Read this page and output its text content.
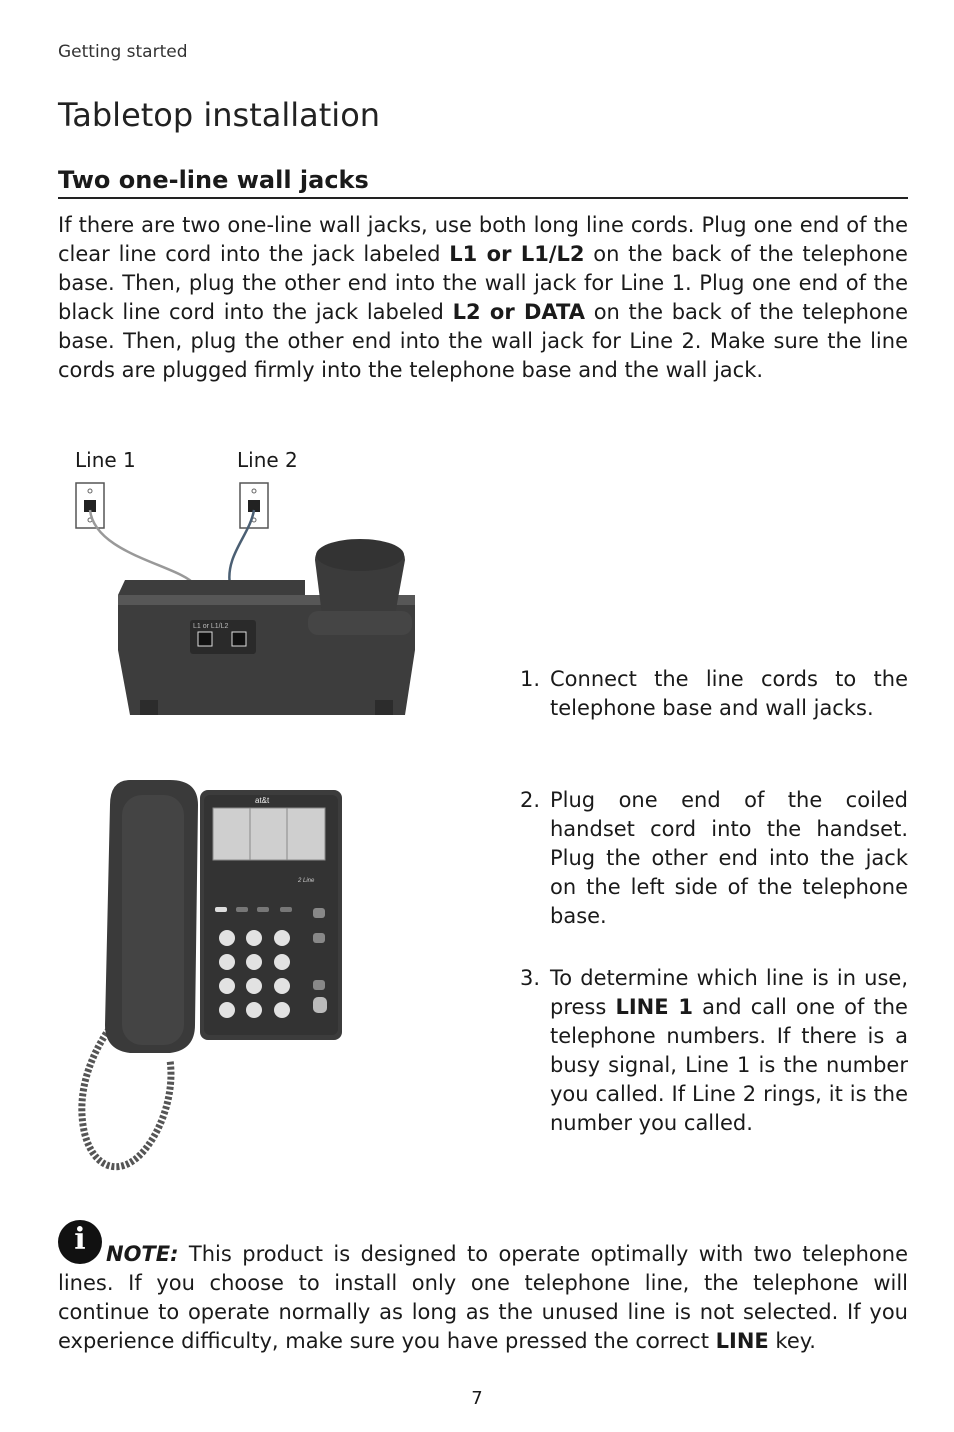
Getting started
Tabletop installation
Two one-line wall jacks

If there are two one-line wall jacks, use both long line cords. Plug one end of the clear line cord into the jack labeled L1 or L1/L2 on the back of the telephone base. Then, plug the other end into the wall jack for Line 1. Plug one end of the black line cord into the jack labeled L2 or DATA on the back of the telephone base. Then, plug the other end into the wall jack for Line 2. Make sure the line cords are plugged firmly into the telephone base and the wall jack.

Line 1	Line 2
L1 or L1/L2
at&t
2 Line
1. Connect the line cords to the telephone base and wall jacks.
2. Plug one end of the coiled handset cord into the handset. Plug the other end into the jack on the left side of the telephone base.
3. To determine which line is in use, press LINE 1 and call one of the telephone numbers. If there is a busy signal, Line 1 is the number you called. If Line 2 rings, it is the number you called.

i NOTE: This product is designed to operate optimally with two telephone lines. If you choose to install only one telephone line, the telephone will continue to operate normally as long as the unused line is not selected. If you experience difficulty, make sure you have pressed the correct LINE key.

7
